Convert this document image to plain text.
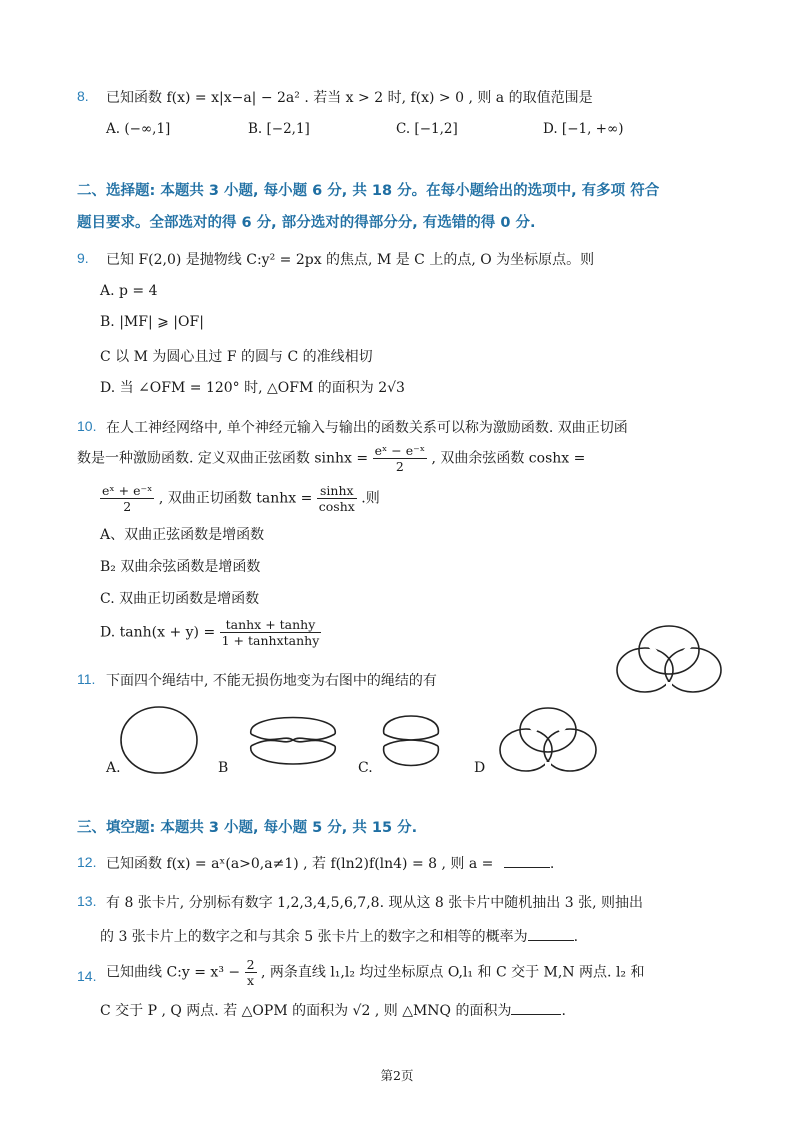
8. 已知函数 f(x) = x|x−a| − 2a² . 若当 x > 2 时, f(x) > 0 , 则 a 的取值范围是
A. (−∞,1]	B. [−2,1]	C. [−1,2]	D. [−1, +∞)
二、选择题: 本题共 3 小题, 每小题 6 分, 共 18 分。在每小题给出的选项中, 有多项 符合
题目要求。全部选对的得 6 分, 部分选对的得部分分, 有选错的得 0 分.
9. 已知 F(2,0) 是抛物线 C:y² = 2px 的焦点, M 是 C 上的点, O 为坐标原点。则
A. p = 4
B. |MF| ⩾ |OF|
C 以 M 为圆心且过 F 的圆与 C 的准线相切
D. 当 ∠OFM = 120° 时, △OFM 的面积为 2√3
10. 在人工神经网络中, 单个神经元输入与输出的函数关系可以称为激励函数. 双曲正切函
数是一种激励函数. 定义双曲正弦函数 $\sinh x = \frac{\text{eˣ − e⁻ˣ}}{2}$ , 双曲余弦函数 coshx =
$\frac{\text{eˣ + e⁻ˣ}}{2}$ , 双曲正切函数 $\tanh x = \frac{\sinh x}{\cosh x}$ .则
A、双曲正弦函数是增函数
B₂ 双曲余弦函数是增函数
C. 双曲正切函数是增函数
D. $\tanh(x + y) = \frac{\tanh x + \tanh y}{\text{1 + tanhxtanhy}}$
11. 下面四个绳结中, 不能无损伤地变为右图中的绳结的有
A.	B	C.	D
三、填空题: 本题共 3 小题, 每小题 5 分, 共 15 分.
12. 已知函数 f(x) = aˣ(a>0,a≠1) , 若 f(ln2)f(ln4) = 8 , 则 a =	.
13. 有 8 张卡片, 分别标有数字 1,2,3,4,5,6,7,8. 现从这 8 张卡片中随机抽出 3 张, 则抽出
的 3 张卡片上的数字之和与其余 5 张卡片上的数字之和相等的概率为	.
14. 已知曲线 C:y = $x^3 - \frac{2}{x}$ , 两条直线 l₁,l₂ 均过坐标原点 O,l₁ 和 C 交于 M,N 两点. l₂ 和
C 交于 P , Q 两点. 若 △OPM 的面积为 √2 , 则 △MNQ 的面积为	.
第2页
